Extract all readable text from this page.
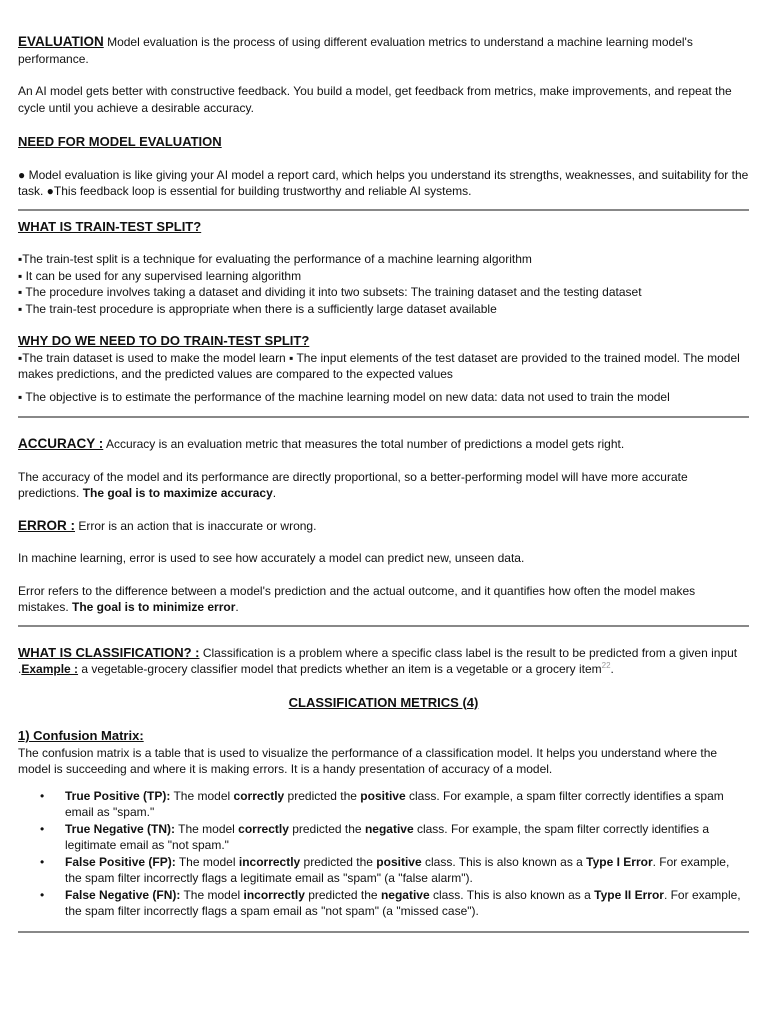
EVALUATION Model evaluation is the process of using different evaluation metrics to understand a machine learning model's performance.

An AI model gets better with constructive feedback. You build a model, get feedback from metrics, make improvements, and repeat the cycle until you achieve a desirable accuracy.

NEED FOR MODEL EVALUATION

● Model evaluation is like giving your AI model a report card, which helps you understand its strengths, weaknesses, and suitability for the task. ●This feedback loop is essential for building trustworthy and reliable AI systems.

WHAT IS TRAIN-TEST SPLIT?

▪The train-test split is a technique for evaluating the performance of a machine learning algorithm
▪ It can be used for any supervised learning algorithm
▪ The procedure involves taking a dataset and dividing it into two subsets: The training dataset and the testing dataset
▪ The train-test procedure is appropriate when there is a sufficiently large dataset available

WHY DO WE NEED TO DO TRAIN-TEST SPLIT?

▪The train dataset is used to make the model learn ▪ The input elements of the test dataset are provided to the trained model. The model makes predictions, and the predicted values are compared to the expected values

▪ The objective is to estimate the performance of the machine learning model on new data: data not used to train the model

ACCURACY : Accuracy is an evaluation metric that measures the total number of predictions a model gets right.

The accuracy of the model and its performance are directly proportional, so a better-performing model will have more accurate predictions. The goal is to maximize accuracy.

ERROR : Error is an action that is inaccurate or wrong.

In machine learning, error is used to see how accurately a model can predict new, unseen data.

Error refers to the difference between a model's prediction and the actual outcome, and it quantifies how often the model makes mistakes. The goal is to minimize error.

WHAT IS CLASSIFICATION? : Classification is a problem where a specific class label is the result to be predicted from a given input .Example : a vegetable-grocery classifier model that predicts whether an item is a vegetable or a grocery item$^{22}$.

CLASSIFICATION METRICS (4)

1) Confusion Matrix:

The confusion matrix is a table that is used to visualize the performance of a classification model. It helps you understand where the model is succeeding and where it is making errors. It is a handy presentation of accuracy of a model.

• True Positive (TP): The model correctly predicted the positive class. For example, a spam filter correctly identifies a spam email as "spam."
• True Negative (TN): The model correctly predicted the negative class. For example, the spam filter correctly identifies a legitimate email as "not spam."
• False Positive (FP): The model incorrectly predicted the positive class. This is also known as a Type I Error. For example, the spam filter incorrectly flags a legitimate email as "spam" (a "false alarm").
• False Negative (FN): The model incorrectly predicted the negative class. This is also known as a Type II Error. For example, the spam filter incorrectly flags a spam email as "not spam" (a "missed case").
